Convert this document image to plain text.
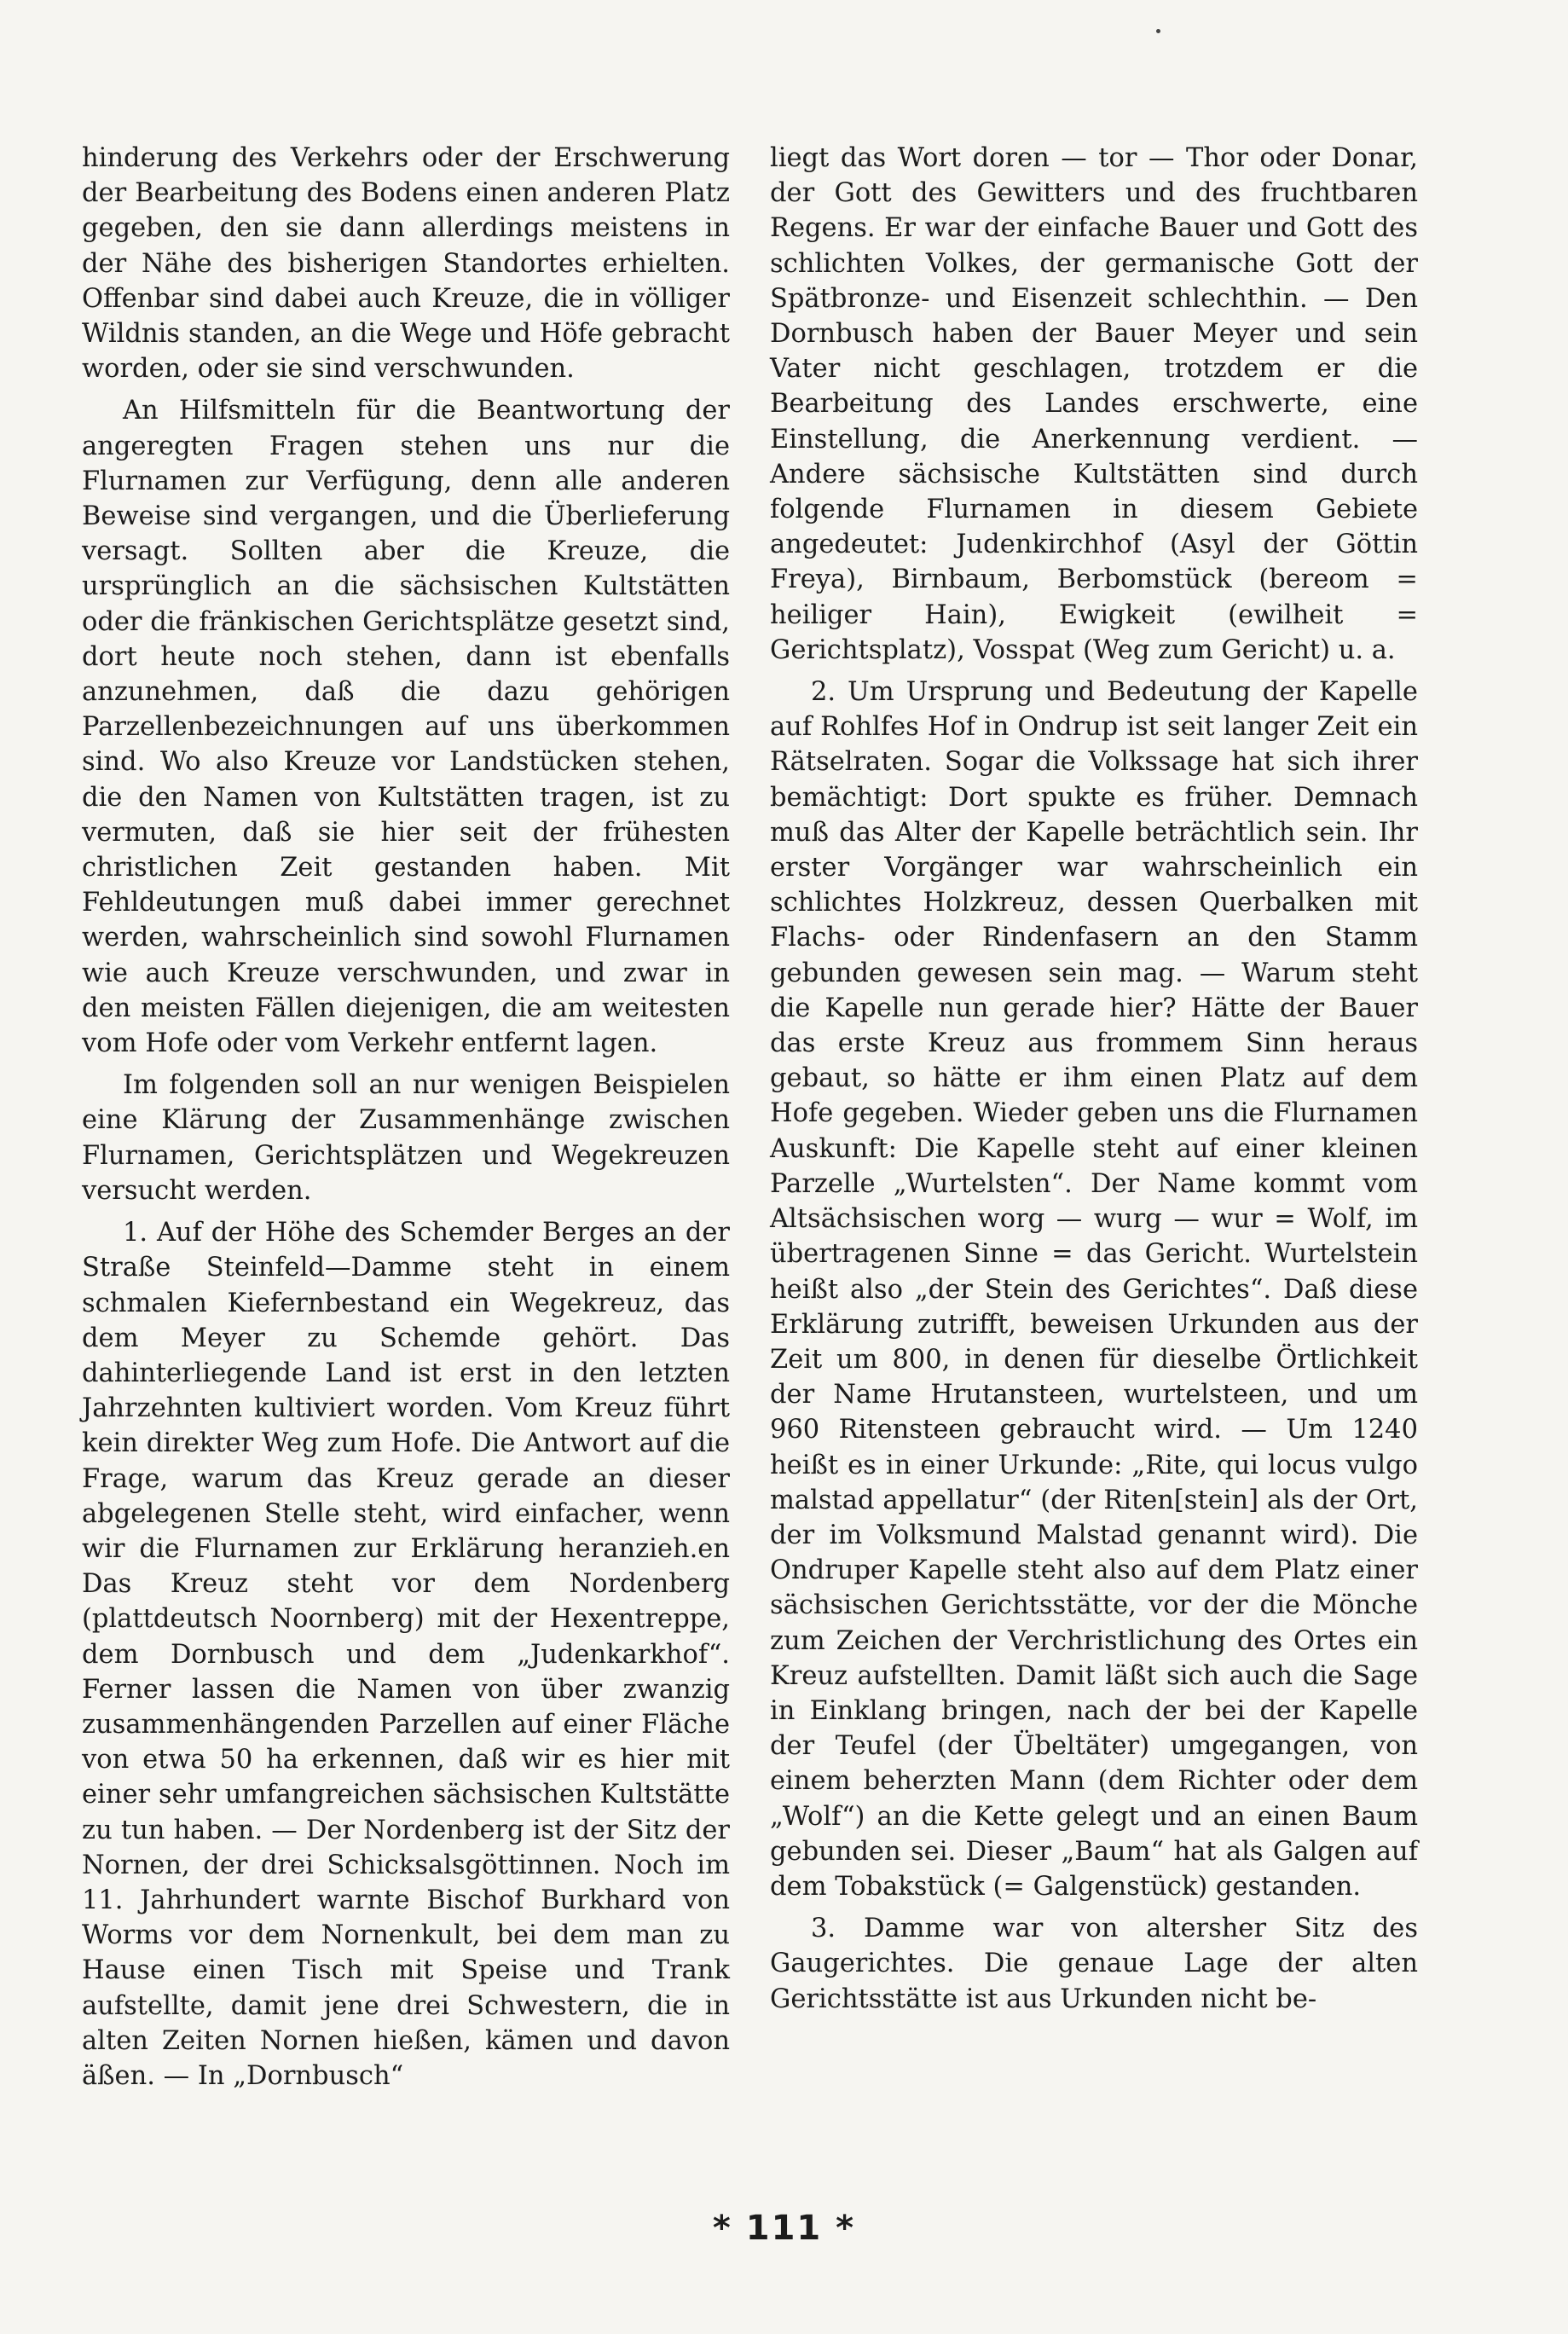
hinderung des Verkehrs oder der Erschwerung der Bearbeitung des Bodens einen anderen Platz gegeben, den sie dann allerdings meistens in der Nähe des bisherigen Standortes erhielten. Offenbar sind dabei auch Kreuze, die in völliger Wildnis standen, an die Wege und Höfe gebracht worden, oder sie sind verschwunden.

An Hilfsmitteln für die Beantwortung der angeregten Fragen stehen uns nur die Flurnamen zur Verfügung, denn alle anderen Beweise sind vergangen, und die Überlieferung versagt. Sollten aber die Kreuze, die ursprünglich an die sächsischen Kultstätten oder die fränkischen Gerichtsplätze gesetzt sind, dort heute noch stehen, dann ist ebenfalls anzunehmen, daß die dazu gehörigen Parzellenbezeichnungen auf uns überkommen sind. Wo also Kreuze vor Landstücken stehen, die den Namen von Kultstätten tragen, ist zu vermuten, daß sie hier seit der frühesten christlichen Zeit gestanden haben. Mit Fehldeutungen muß dabei immer gerechnet werden, wahrscheinlich sind sowohl Flurnamen wie auch Kreuze verschwunden, und zwar in den meisten Fällen diejenigen, die am weitesten vom Hofe oder vom Verkehr entfernt lagen.

Im folgenden soll an nur wenigen Beispielen eine Klärung der Zusammenhänge zwischen Flurnamen, Gerichtsplätzen und Wegekreuzen versucht werden.

1. Auf der Höhe des Schemder Berges an der Straße Steinfeld—Damme steht in einem schmalen Kiefernbestand ein Wegekreuz, das dem Meyer zu Schemde gehört. Das dahinterliegende Land ist erst in den letzten Jahrzehnten kultiviert worden. Vom Kreuz führt kein direkter Weg zum Hofe. Die Antwort auf die Frage, warum das Kreuz gerade an dieser abgelegenen Stelle steht, wird einfacher, wenn wir die Flurnamen zur Erklärung heranzieh.en Das Kreuz steht vor dem Nordenberg (plattdeutsch Noornberg) mit der Hexentreppe, dem Dornbusch und dem „Judenkarkhof“. Ferner lassen die Namen von über zwanzig zusammenhängenden Parzellen auf einer Fläche von etwa 50 ha erkennen, daß wir es hier mit einer sehr umfangreichen sächsischen Kultstätte zu tun haben. — Der Nordenberg ist der Sitz der Nornen, der drei Schicksalsgöttinnen. Noch im 11. Jahrhundert warnte Bischof Burkhard von Worms vor dem Nornenkult, bei dem man zu Hause einen Tisch mit Speise und Trank aufstellte, damit jene drei Schwestern, die in alten Zeiten Nornen hießen, kämen und davon äßen. — In „Dornbusch“

liegt das Wort doren — tor — Thor oder Donar, der Gott des Gewitters und des fruchtbaren Regens. Er war der einfache Bauer und Gott des schlichten Volkes, der germanische Gott der Spätbronze- und Eisenzeit schlechthin. — Den Dornbusch haben der Bauer Meyer und sein Vater nicht geschlagen, trotzdem er die Bearbeitung des Landes erschwerte, eine Einstellung, die Anerkennung verdient. — Andere sächsische Kultstätten sind durch folgende Flurnamen in diesem Gebiete angedeutet: Judenkirchhof (Asyl der Göttin Freya), Birnbaum, Berbomstück (bereom = heiliger Hain), Ewigkeit (ewilheit = Gerichtsplatz), Vosspat (Weg zum Gericht) u. a.

2. Um Ursprung und Bedeutung der Kapelle auf Rohlfes Hof in Ondrup ist seit langer Zeit ein Rätselraten. Sogar die Volkssage hat sich ihrer bemächtigt: Dort spukte es früher. Demnach muß das Alter der Kapelle beträchtlich sein. Ihr erster Vorgänger war wahrscheinlich ein schlichtes Holzkreuz, dessen Querbalken mit Flachs- oder Rindenfasern an den Stamm gebunden gewesen sein mag. — Warum steht die Kapelle nun gerade hier? Hätte der Bauer das erste Kreuz aus frommem Sinn heraus gebaut, so hätte er ihm einen Platz auf dem Hofe gegeben. Wieder geben uns die Flurnamen Auskunft: Die Kapelle steht auf einer kleinen Parzelle „Wurtelsten“. Der Name kommt vom Altsächsischen worg — wurg — wur = Wolf, im übertragenen Sinne = das Gericht. Wurtelstein heißt also „der Stein des Gerichtes“. Daß diese Erklärung zutrifft, beweisen Urkunden aus der Zeit um 800, in denen für dieselbe Örtlichkeit der Name Hrutansteen, wurtelsteen, und um 960 Ritensteen gebraucht wird. — Um 1240 heißt es in einer Urkunde: „Rite, qui locus vulgo malstad appellatur“ (der Riten[stein] als der Ort, der im Volksmund Malstad genannt wird). Die Ondruper Kapelle steht also auf dem Platz einer sächsischen Gerichtsstätte, vor der die Mönche zum Zeichen der Verchristlichung des Ortes ein Kreuz aufstellten. Damit läßt sich auch die Sage in Einklang bringen, nach der bei der Kapelle der Teufel (der Übeltäter) umgegangen, von einem beherzten Mann (dem Richter oder dem „Wolf“) an die Kette gelegt und an einen Baum gebunden sei. Dieser „Baum“ hat als Galgen auf dem Tobakstück (= Galgenstück) gestanden.

3. Damme war von altersher Sitz des Gaugerichtes. Die genaue Lage der alten Gerichtsstätte ist aus Urkunden nicht be-

* 111 *
